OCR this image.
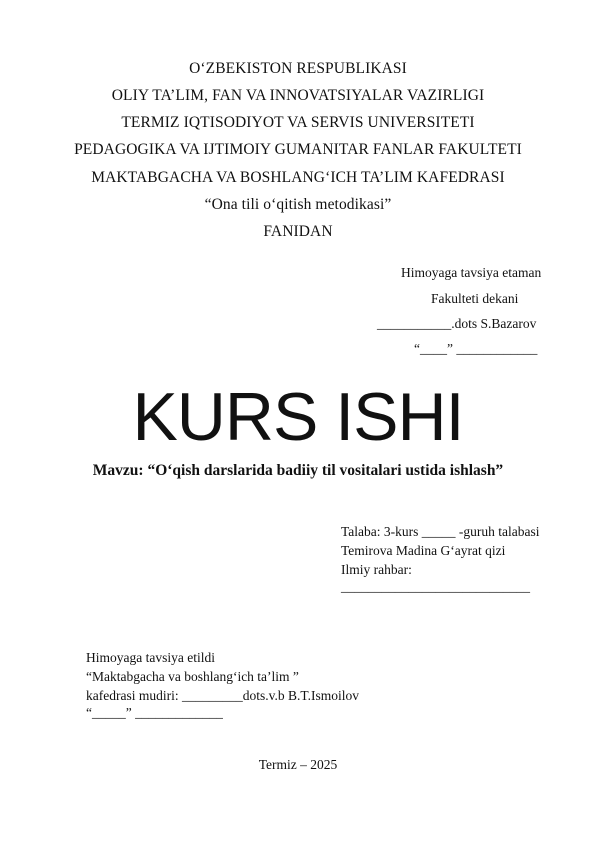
O‘ZBEKISTON RESPUBLIKASI
OLIY TA’LIM, FAN VA INNOVATSIYALAR VAZIRLIGI
TERMIZ IQTISODIYOT VA SERVIS UNIVERSITETI
PEDAGOGIKA VA IJTIMOIY GUMANITAR FANLAR FAKULTETI
MAKTABGACHA VA BOSHLANG‘ICH TA’LIM KAFEDRASI
“Ona tili o‘qitish metodikasi”
FANIDAN
Himoyaga tavsiya etaman
Fakulteti dekani
___________.dots S.Bazarov
“____” ____________
KURS ISHI
Mavzu: “O‘qish darslarida badiiy til vositalari ustida ishlash”
Talaba: 3-kurs _____ -guruh talabasi
Temirova Madina G‘ayrat qizi
Ilmiy rahbar:
____________________________
Himoyaga tavsiya etildi
“Maktabgacha va boshlang‘ich ta’lim ”
kafedrasi mudiri: _________dots.v.b B.T.Ismoilov
“_____” _____________
Termiz – 2025
